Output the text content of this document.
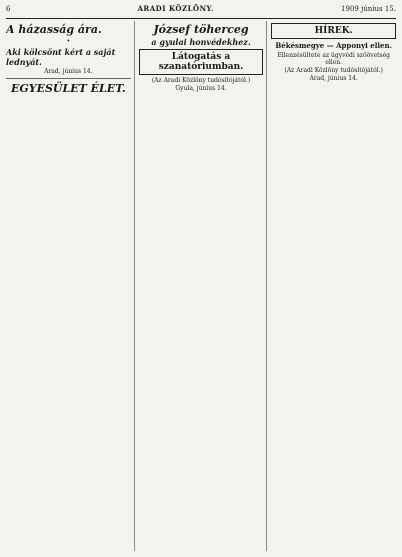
6	ARADI KÖZLÖNY.	1909 június 15.
A házasság ára.
•
Aki kölcsönt kért a saját lednyát.
Arad, június 14.
EGYESÜLET ÉLET.
József töherceg
a gyulai honvédekhez.
Látogatás a szanatóriumban.
(Az Aradi Közlöny tudósítójától.)
Gyula, június 14.
HÍREK.
Békésmegye — Apponyi ellen.
Ellenzésültete az ügyvédi szöövetség ellen.
(Az Aradi Közlöny tudósítójától.)
Arad, június 14.
